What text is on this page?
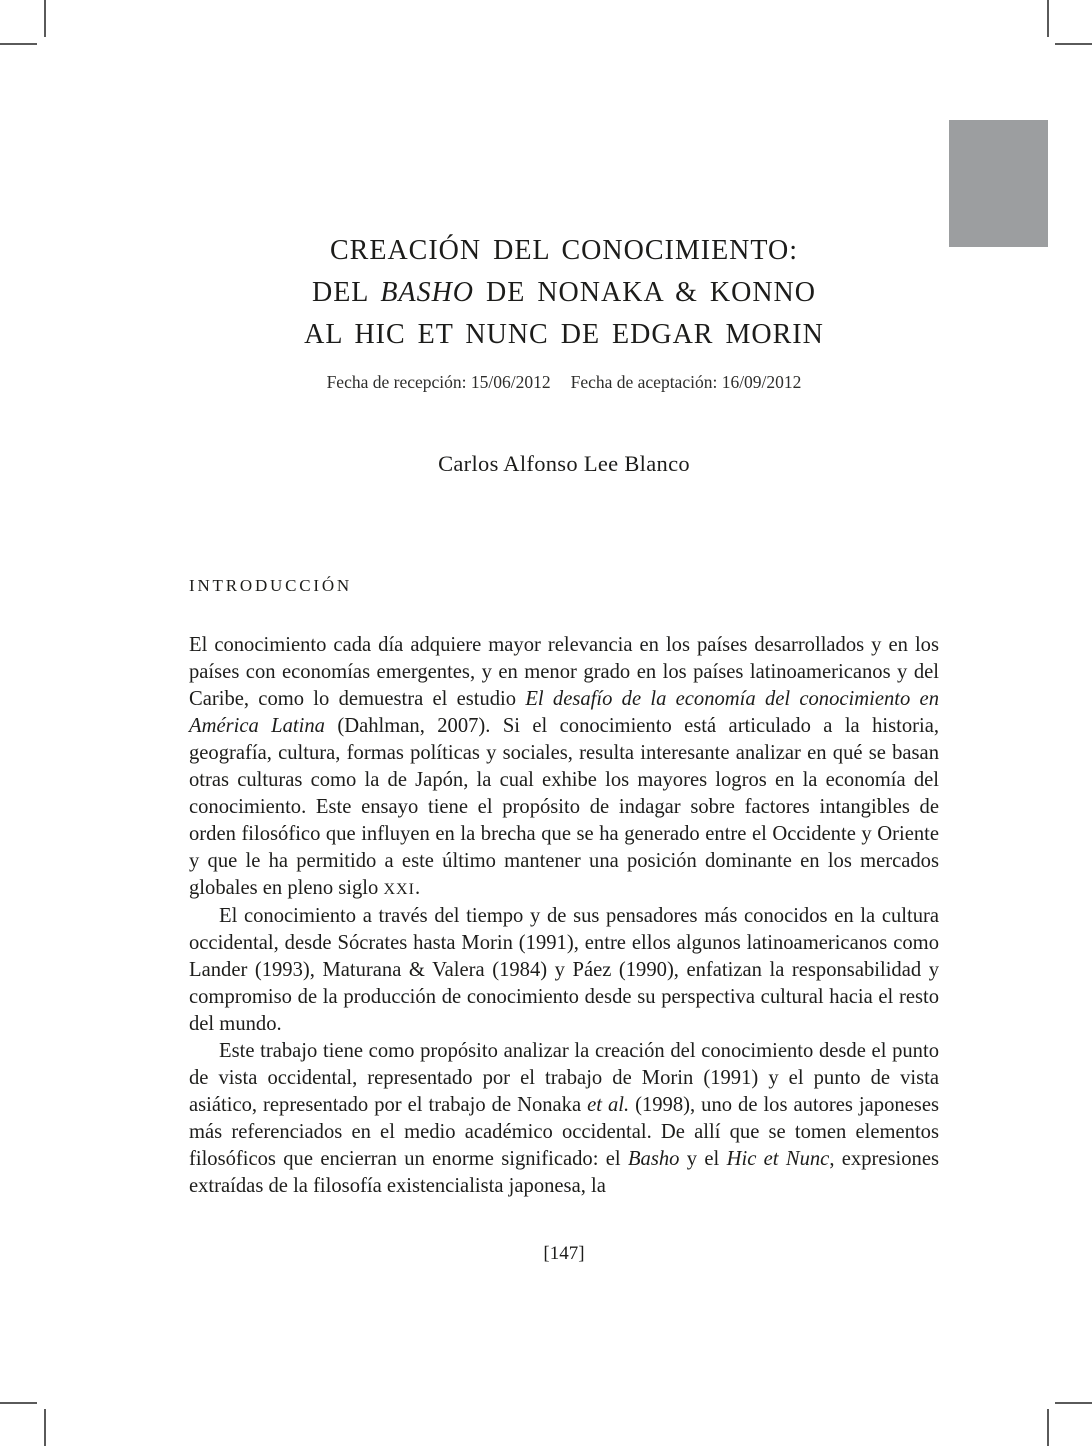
CREACIÓN DEL CONOCIMIENTO:
DEL BASHO DE NONAKA & KONNO
AL HIC ET NUNC DE EDGAR MORIN
Fecha de recepción: 15/06/2012 Fecha de aceptación: 16/09/2012
Carlos Alfonso Lee Blanco
INTRODUCCIÓN

El conocimiento cada día adquiere mayor relevancia en los países desarrollados y en los países con economías emergentes, y en menor grado en los países latinoamericanos y del Caribe, como lo demuestra el estudio El desafío de la economía del conocimiento en América Latina (Dahlman, 2007). Si el conocimiento está articulado a la historia, geografía, cultura, formas políticas y sociales, resulta interesante analizar en qué se basan otras culturas como la de Japón, la cual exhibe los mayores logros en la economía del conocimiento. Este ensayo tiene el propósito de indagar sobre factores intangibles de orden filosófico que influyen en la brecha que se ha generado entre el Occidente y Oriente y que le ha permitido a este último mantener una posición dominante en los mercados globales en pleno siglo XXI.

El conocimiento a través del tiempo y de sus pensadores más conocidos en la cultura occidental, desde Sócrates hasta Morin (1991), entre ellos algunos latinoamericanos como Lander (1993), Maturana & Valera (1984) y Páez (1990), enfatizan la responsabilidad y compromiso de la producción de conocimiento desde su perspectiva cultural hacia el resto del mundo.

Este trabajo tiene como propósito analizar la creación del conocimiento desde el punto de vista occidental, representado por el trabajo de Morin (1991) y el punto de vista asiático, representado por el trabajo de Nonaka et al. (1998), uno de los autores japoneses más referenciados en el medio académico occidental. De allí que se tomen elementos filosóficos que encierran un enorme significado: el Basho y el Hic et Nunc, expresiones extraídas de la filosofía existencialista japonesa, la

[147]
